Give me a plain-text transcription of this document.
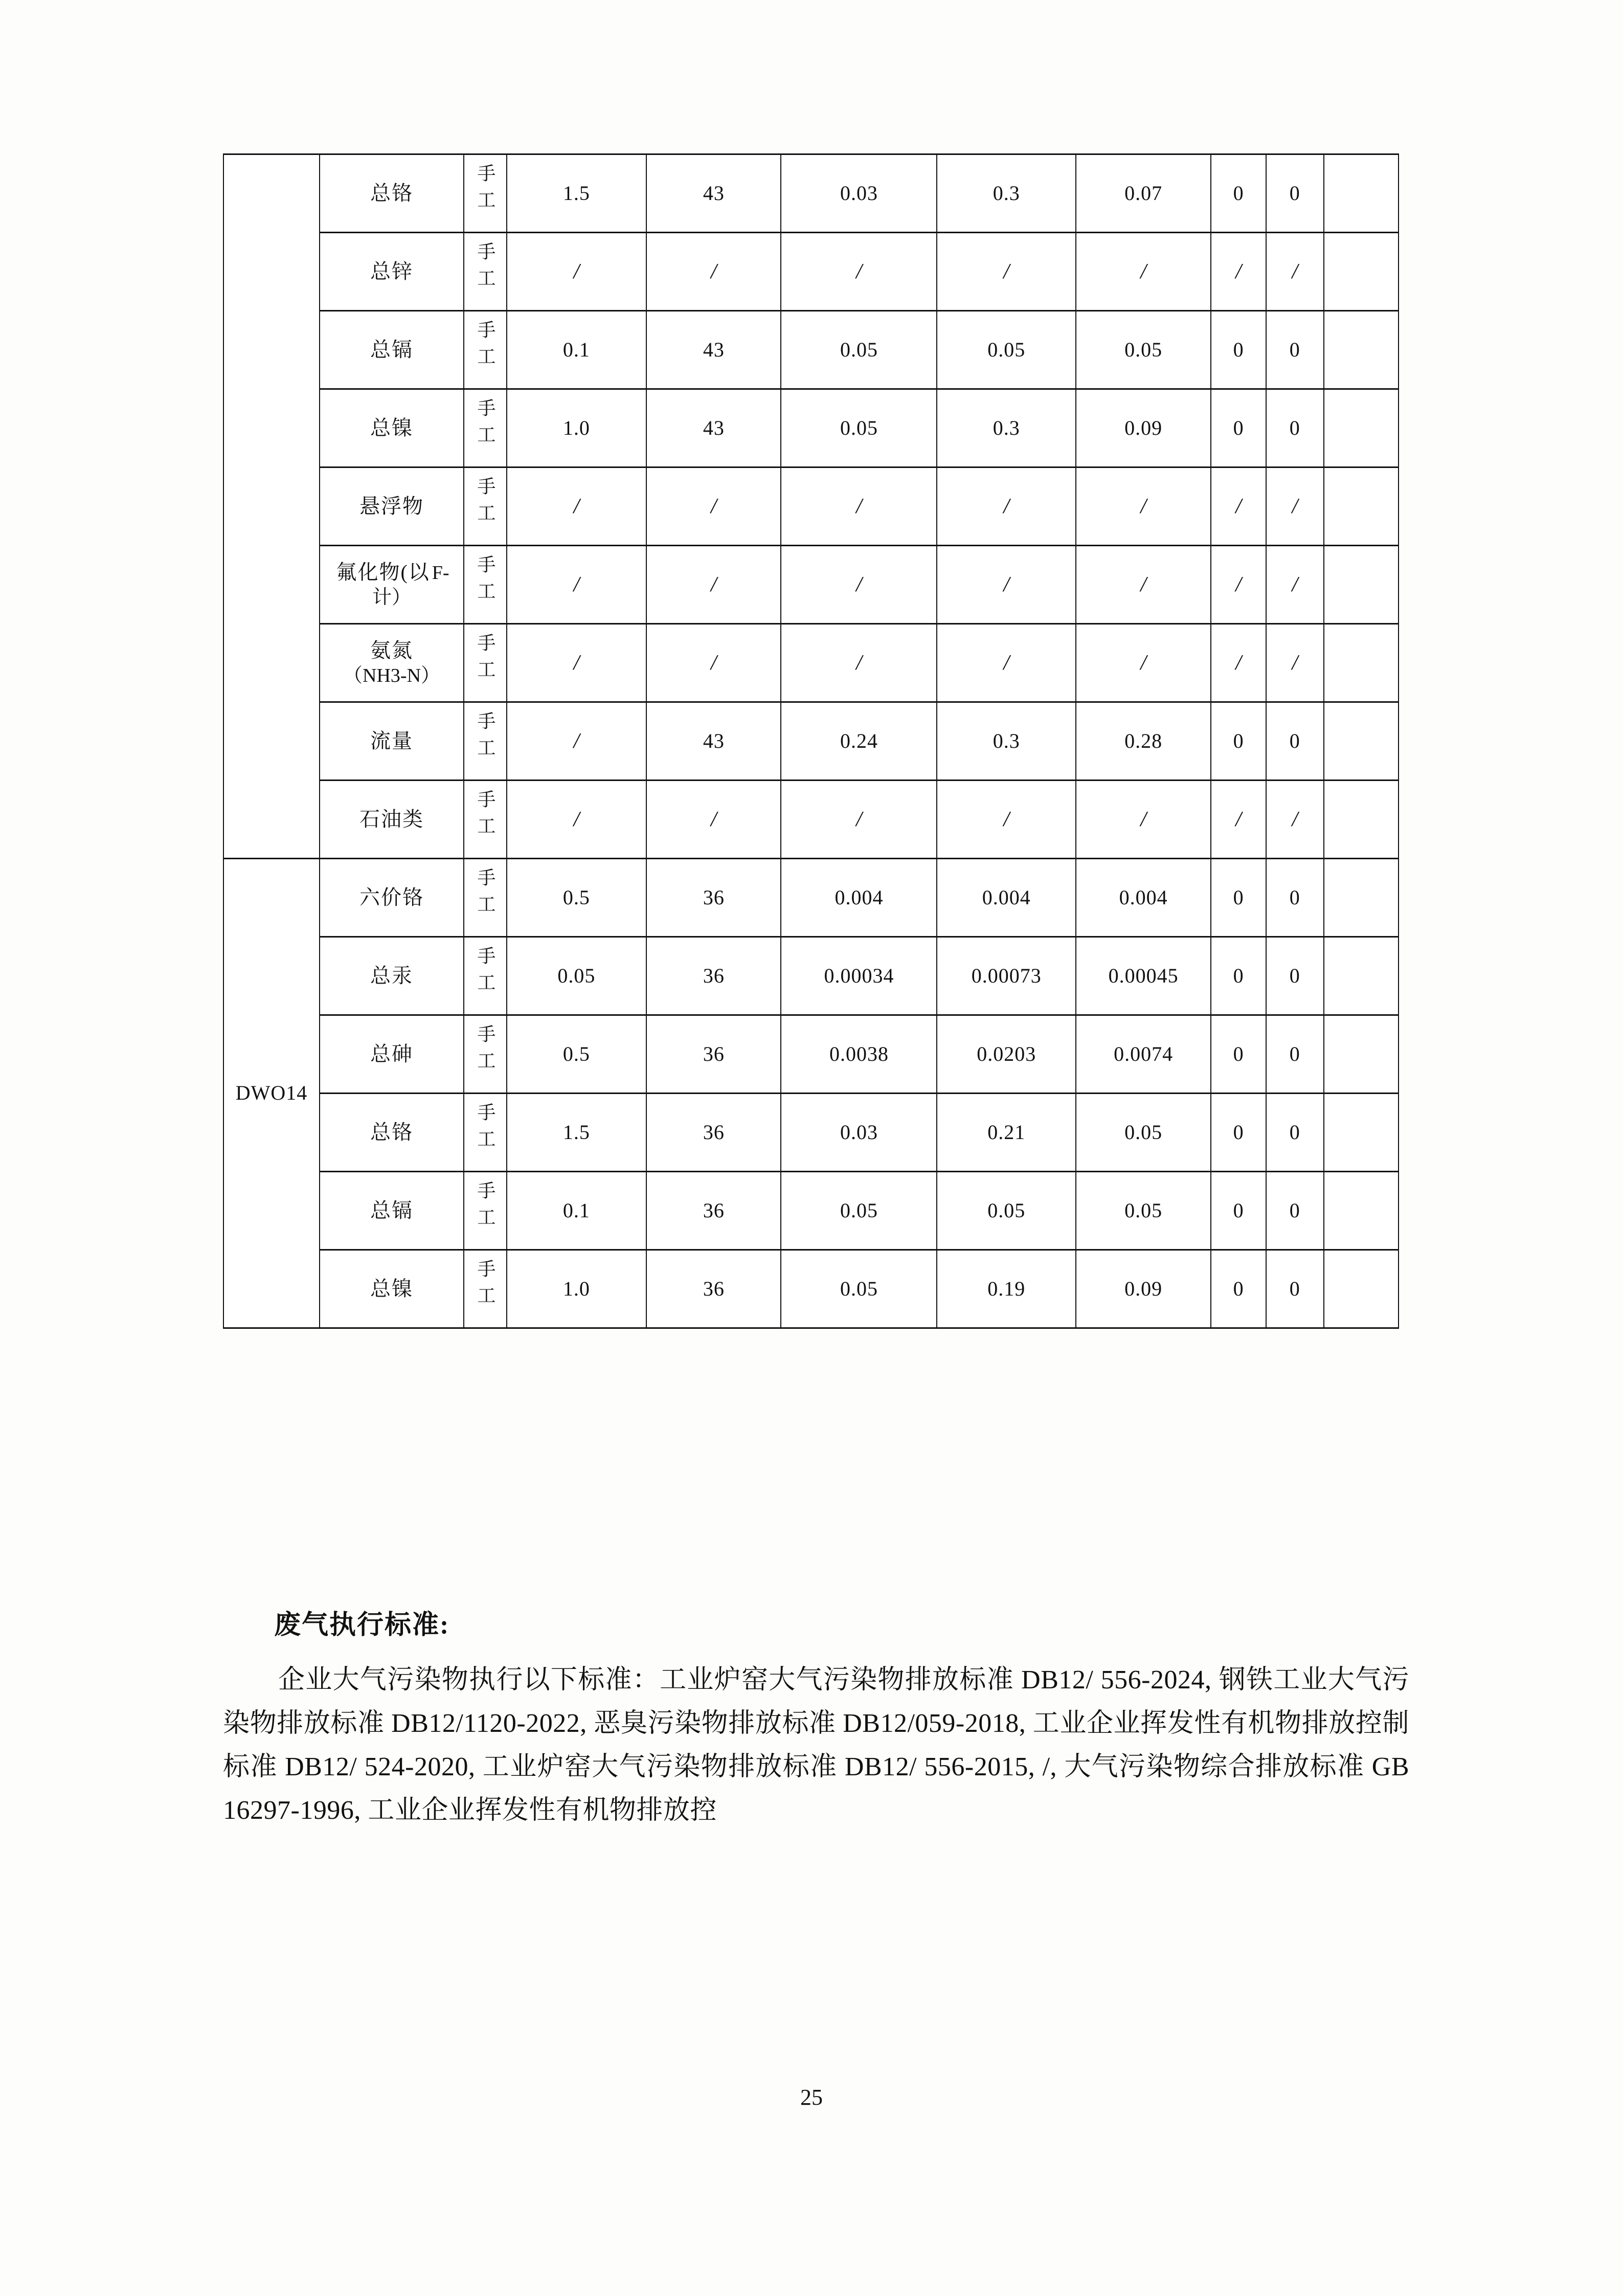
	总铬	手工	1.5	43	0.03	0.3	0.07	0	0	
	总锌	手工	/	/	/	/	/	/	/	
	总镉	手工	0.1	43	0.05	0.05	0.05	0	0	
	总镍	手工	1.0	43	0.05	0.3	0.09	0	0	
	悬浮物	手工	/	/	/	/	/	/	/	
	氟化物(以 F-计）	手工	/	/	/	/	/	/	/	
	氨氮（NH3-N）	手工	/	/	/	/	/	/	/	
	流量	手工	/	43	0.24	0.3	0.28	0	0	
	石油类	手工	/	/	/	/	/	/	/	
DWO14	六价铬	手工	0.5	36	0.004	0.004	0.004	0	0	
	总汞	手工	0.05	36	0.00034	0.00073	0.00045	0	0	
	总砷	手工	0.5	36	0.0038	0.0203	0.0074	0	0	
	总铬	手工	1.5	36	0.03	0.21	0.05	0	0	
	总镉	手工	0.1	36	0.05	0.05	0.05	0	0	
	总镍	手工	1.0	36	0.05	0.19	0.09	0	0	
废气执行标准:
企业大气污染物执行以下标准：工业炉窑大气污染物排放标准 DB12/ 556-2024, 钢铁工业大气污染物排放标准 DB12/1120-2022, 恶臭污染物排放标准 DB12/059-2018, 工业企业挥发性有机物排放控制标准 DB12/ 524-2020, 工业炉窑大气污染物排放标准 DB12/ 556-2015, /, 大气污染物综合排放标准 GB 16297-1996, 工业企业挥发性有机物排放控
25
